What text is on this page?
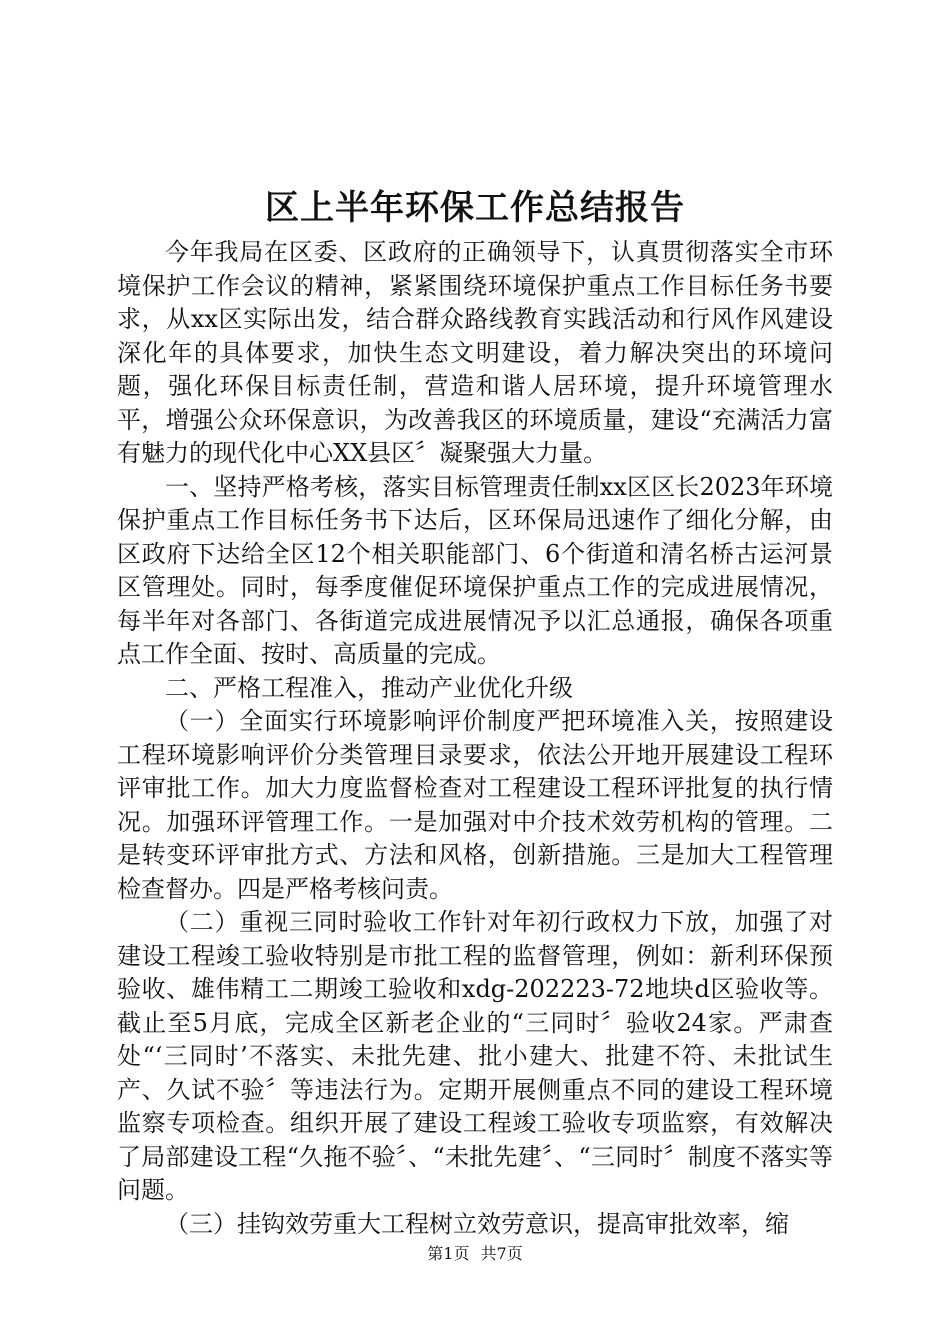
区上半年环保工作总结报告

今年我局在区委、区政府的正确领导下，认真贯彻落实全市环境保护工作会议的精神，紧紧围绕环境保护重点工作目标任务书要求，从xx区实际出发，结合群众路线教育实践活动和行风作风建设深化年的具体要求，加快生态文明建设，着力解决突出的环境问题，强化环保目标责任制，营造和谐人居环境，提升环境管理水平，增强公众环保意识，为改善我区的环境质量，建设“充满活力富有魅力的现代化中心XX县区〞凝聚强大力量。

一、坚持严格考核，落实目标管理责任制xx区区长2023年环境保护重点工作目标任务书下达后，区环保局迅速作了细化分解，由区政府下达给全区12个相关职能部门、6个街道和清名桥古运河景区管理处。同时，每季度催促环境保护重点工作的完成进展情况，每半年对各部门、各街道完成进展情况予以汇总通报，确保各项重点工作全面、按时、高质量的完成。

二、严格工程准入，推动产业优化升级

（一）全面实行环境影响评价制度严把环境准入关，按照建设工程环境影响评价分类管理目录要求，依法公开地开展建设工程环评审批工作。加大力度监督检查对工程建设工程环评批复的执行情况。加强环评管理工作。一是加强对中介技术效劳机构的管理。二是转变环评审批方式、方法和风格，创新措施。三是加大工程管理检查督办。四是严格考核问责。

（二）重视三同时验收工作针对年初行政权力下放，加强了对建设工程竣工验收特别是市批工程的监督管理，例如：新利环保预验收、雄伟精工二期竣工验收和xdg-202223-72地块d区验收等。截止至5月底，完成全区新老企业的“三同时〞验收24家。严肃查处“‘三同时’不落实、未批先建、批小建大、批建不符、未批试生产、久试不验〞等违法行为。定期开展侧重点不同的建设工程环境监察专项检查。组织开展了建设工程竣工验收专项监察，有效解决了局部建设工程“久拖不验〞、“未批先建〞、“三同时〞制度不落实等问题。

（三）挂钩效劳重大工程树立效劳意识，提高审批效率，缩

第1页 共7页
